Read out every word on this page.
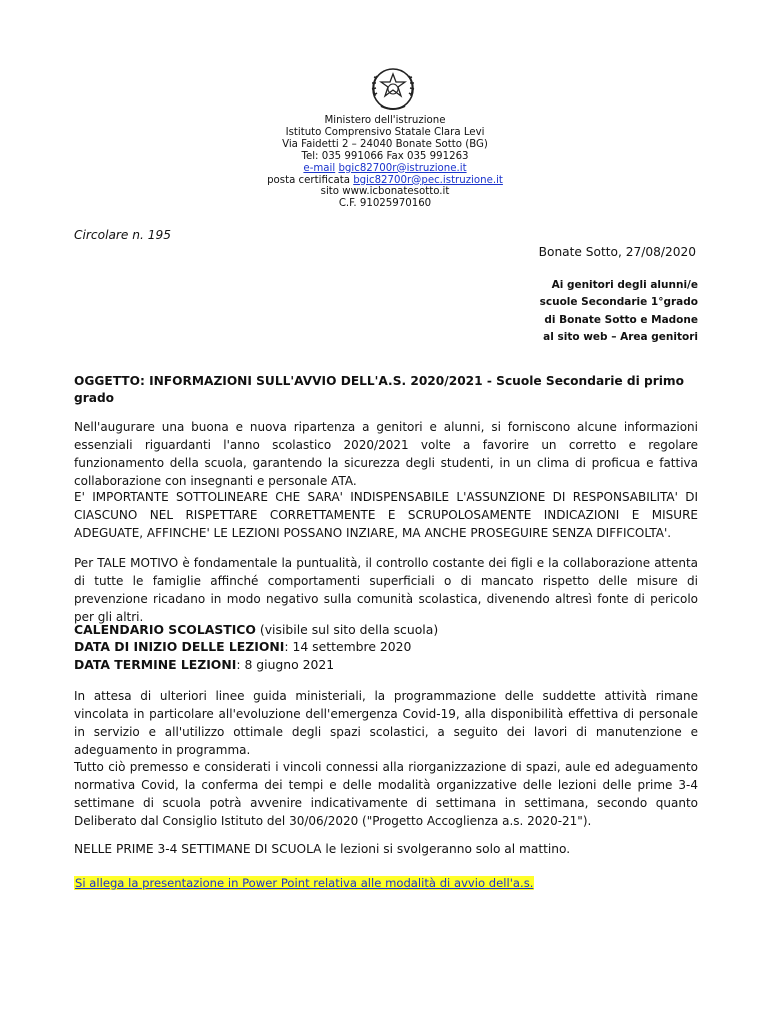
Ministero dell'istruzione
Istituto Comprensivo Statale Clara Levi
Via Faidetti 2 – 24040 Bonate Sotto (BG)
Tel: 035 991066 Fax 035 991263
e-mail bgic82700r@istruzione.it
posta certificata bgic82700r@pec.istruzione.it
sito www.icbonatesotto.it
C.F. 91025970160
Circolare n. 195
Bonate Sotto, 27/08/2020
Ai genitori degli alunni/e
scuole Secondarie 1°grado
di Bonate Sotto e Madone
al sito web – Area genitori
OGGETTO: INFORMAZIONI SULL'AVVIO DELL'A.S. 2020/2021 - Scuole Secondarie di primo grado
Nell'augurare una buona e nuova ripartenza a genitori e alunni, si forniscono alcune informazioni essenziali riguardanti l'anno scolastico 2020/2021 volte a favorire un corretto e regolare funzionamento della scuola, garantendo la sicurezza degli studenti, in un clima di proficua e fattiva collaborazione con insegnanti e personale ATA.
E' IMPORTANTE SOTTOLINEARE CHE SARA' INDISPENSABILE L'ASSUNZIONE DI RESPONSABILITA' DI CIASCUNO NEL RISPETTARE CORRETTAMENTE E SCRUPOLOSAMENTE INDICAZIONI E MISURE ADEGUATE, AFFINCHE' LE LEZIONI POSSANO INZIARE, MA ANCHE PROSEGUIRE SENZA DIFFICOLTA'.
Per TALE MOTIVO è fondamentale la puntualità, il controllo costante dei figli e la collaborazione attenta di tutte le famiglie affinché comportamenti superficiali o di mancato rispetto delle misure di prevenzione ricadano in modo negativo sulla comunità scolastica, divenendo altresì fonte di pericolo per gli altri.
CALENDARIO SCOLASTICO (visibile sul sito della scuola)
DATA DI INIZIO DELLE LEZIONI: 14 settembre 2020
DATA TERMINE LEZIONI: 8 giugno 2021
In attesa di ulteriori linee guida ministeriali, la programmazione delle suddette attività rimane vincolata in particolare all'evoluzione dell'emergenza Covid-19, alla disponibilità effettiva di personale in servizio e all'utilizzo ottimale degli spazi scolastici, a seguito dei lavori di manutenzione e adeguamento in programma.
Tutto ciò premesso e considerati i vincoli connessi alla riorganizzazione di spazi, aule ed adeguamento normativa Covid, la conferma dei tempi e delle modalità organizzative delle lezioni delle prime 3-4 settimane di scuola potrà avvenire indicativamente di settimana in settimana, secondo quanto Deliberato dal Consiglio Istituto del 30/06/2020 ("Progetto Accoglienza a.s. 2020-21").
NELLE PRIME 3-4 SETTIMANE DI SCUOLA le lezioni si svolgeranno solo al mattino.
Si allega la presentazione in Power Point relativa alle modalità di avvio dell'a.s.
